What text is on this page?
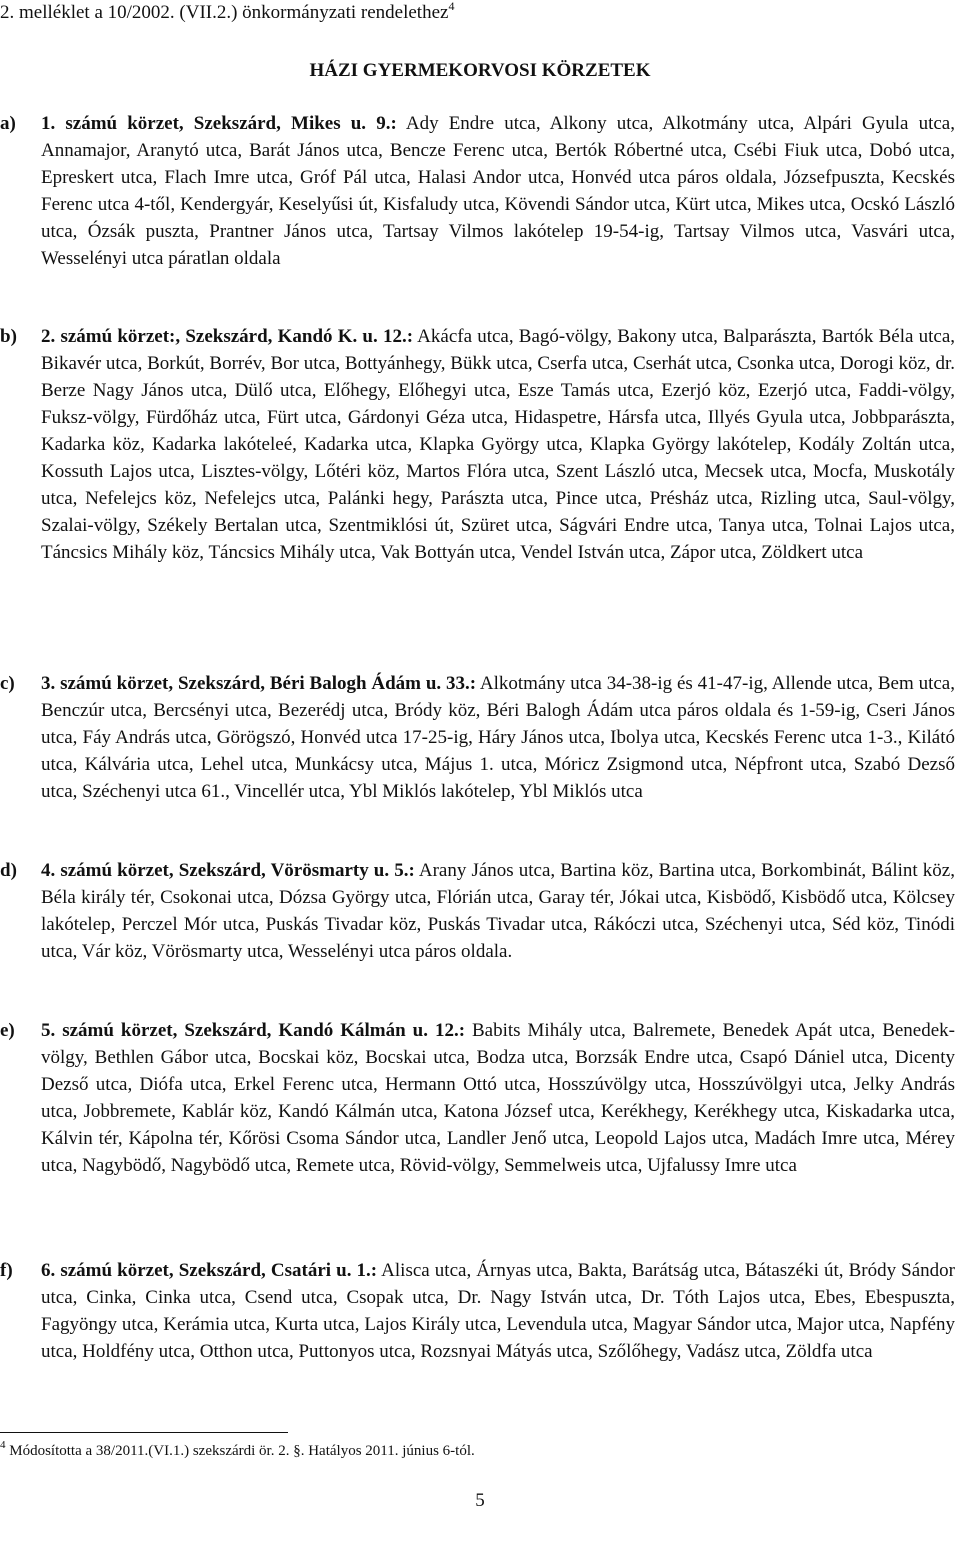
2. melléklet a 10/2002. (VII.2.) önkormányzati rendelethez$^4$
HÁZI GYERMEKORVOSI KÖRZETEK
a) 1. számú körzet, Szekszárd, Mikes u. 9.: Ady Endre utca, Alkony utca, Alkotmány utca, Alpári Gyula utca, Annamajor, Aranytó utca, Barát János utca, Bencze Ferenc utca, Bertók Róbertné utca, Csébi Fiuk utca, Dobó utca, Epreskert utca, Flach Imre utca, Gróf Pál utca, Halasi Andor utca, Honvéd utca páros oldala, Józsefpuszta, Kecskés Ferenc utca 4-től, Kendergyár, Keselyűsi út, Kisfaludy utca, Kövendi Sándor utca, Kürt utca, Mikes utca, Ocskó László utca, Ózsák puszta, Prantner János utca, Tartsay Vilmos lakótelep 19-54-ig, Tartsay Vilmos utca, Vasvári utca, Wesselényi utca páratlan oldala
b) 2. számú körzet:, Szekszárd, Kandó K. u. 12.: Akácfa utca, Bagó-völgy, Bakony utca, Balparászta, Bartók Béla utca, Bikavér utca, Borkút, Borrév, Bor utca, Bottyánhegy, Bükk utca, Cserfa utca, Cserhát utca, Csonka utca, Dorogi köz, dr. Berze Nagy János utca, Dülő utca, Előhegy, Előhegyi utca, Esze Tamás utca, Ezerjó köz, Ezerjó utca, Faddi-völgy, Fuksz-völgy, Fürdőház utca, Fürt utca, Gárdonyi Géza utca, Hidaspetre, Hársfa utca, Illyés Gyula utca, Jobbparászta, Kadarka köz, Kadarka lakóteleé, Kadarka utca, Klapka György utca, Klapka György lakótelep, Kodály Zoltán utca, Kossuth Lajos utca, Lisztes-völgy, Lőtéri köz, Martos Flóra utca, Szent László utca, Mecsek utca, Mocfa, Muskotály utca, Nefelejcs köz, Nefelejcs utca, Palánki hegy, Parászta utca, Pince utca, Présház utca, Rizling utca, Saul-völgy, Szalai-völgy, Székely Bertalan utca, Szentmiklósi út, Szüret utca, Ságvári Endre utca, Tanya utca, Tolnai Lajos utca, Táncsics Mihály köz, Táncsics Mihály utca, Vak Bottyán utca, Vendel István utca, Zápor utca, Zöldkert utca
c) 3. számú körzet, Szekszárd, Béri Balogh Ádám u. 33.: Alkotmány utca 34-38-ig és 41-47-ig, Allende utca, Bem utca, Benczúr utca, Bercsényi utca, Bezerédj utca, Bródy köz, Béri Balogh Ádám utca páros oldala és 1-59-ig, Cseri János utca, Fáy András utca, Görögszó, Honvéd utca 17-25-ig, Háry János utca, Ibolya utca, Kecskés Ferenc utca 1-3., Kilátó utca, Kálvária utca, Lehel utca, Munkácsy utca, Május 1. utca, Móricz Zsigmond utca, Népfront utca, Szabó Dezső utca, Széchenyi utca 61., Vincellér utca, Ybl Miklós lakótelep, Ybl Miklós utca
d) 4. számú körzet, Szekszárd, Vörösmarty u. 5.: Arany János utca, Bartina köz, Bartina utca, Borkombinát, Bálint köz, Béla király tér, Csokonai utca, Dózsa György utca, Flórián utca, Garay tér, Jókai utca, Kisbödő, Kisbödő utca, Kölcsey lakótelep, Perczel Mór utca, Puskás Tivadar köz, Puskás Tivadar utca, Rákóczi utca, Széchenyi utca, Séd köz, Tinódi utca, Vár köz, Vörösmarty utca, Wesselényi utca páros oldala.
e) 5. számú körzet, Szekszárd, Kandó Kálmán u. 12.: Babits Mihály utca, Balremete, Benedek Apát utca, Benedek-völgy, Bethlen Gábor utca, Bocskai köz, Bocskai utca, Bodza utca, Borzsák Endre utca, Csapó Dániel utca, Dicenty Dezső utca, Diófa utca, Erkel Ferenc utca, Hermann Ottó utca, Hosszúvölgy utca, Hosszúvölgyi utca, Jelky András utca, Jobbremete, Kablár köz, Kandó Kálmán utca, Katona József utca, Kerékhegy, Kerékhegy utca, Kiskadarka utca, Kálvin tér, Kápolna tér, Kőrösi Csoma Sándor utca, Landler Jenő utca, Leopold Lajos utca, Madách Imre utca, Mérey utca, Nagybödő, Nagybödő utca, Remete utca, Rövid-völgy, Semmelweis utca, Ujfalussy Imre utca
f) 6. számú körzet, Szekszárd, Csatári u. 1.: Alisca utca, Árnyas utca, Bakta, Barátság utca, Bátaszéki út, Bródy Sándor utca, Cinka, Cinka utca, Csend utca, Csopak utca, Dr. Nagy István utca, Dr. Tóth Lajos utca, Ebes, Ebespuszta, Fagyöngy utca, Kerámia utca, Kurta utca, Lajos Király utca, Levendula utca, Magyar Sándor utca, Major utca, Napfény utca, Holdfény utca, Otthon utca, Puttonyos utca, Rozsnyai Mátyás utca, Szőlőhegy, Vadász utca, Zöldfa utca
$^4$ Módosította a 38/2011.(VI.1.) szekszárdi ör. 2. §. Hatályos 2011. június 6-tól.
5
